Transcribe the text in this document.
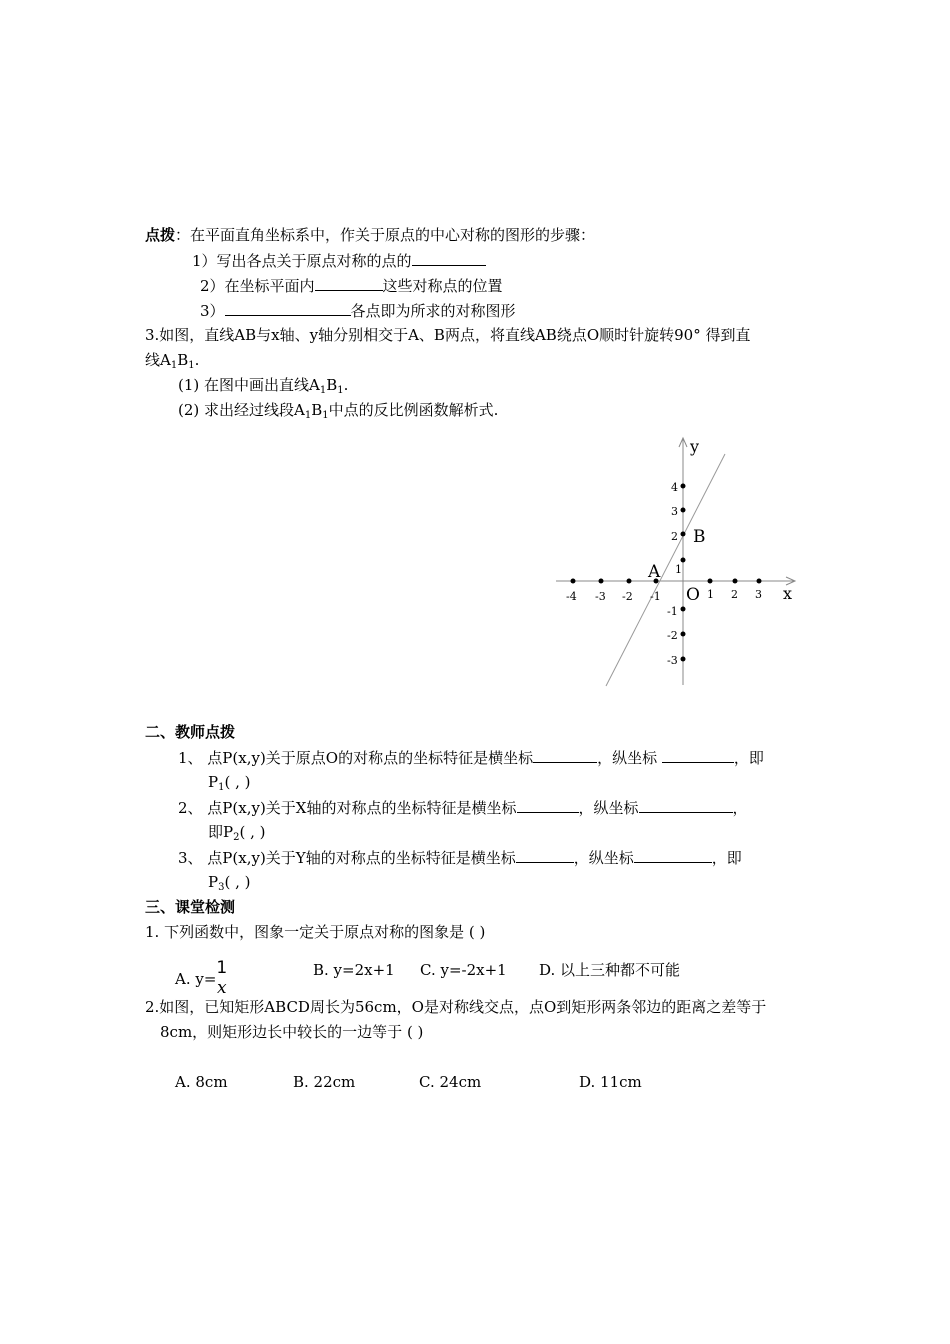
点拨：在平面直角坐标系中，作关于原点的中心对称的图形的步骤：
1）写出各点关于原点对称的点的
2）在坐标平面内	这些对称点的位置
3）	各点即为所求的对称图形
3.如图，直线AB与x轴、y轴分别相交于A、B两点，将直线AB绕点O顺时针旋转90° 得到直
线$A_1B_1$.
(1) 在图中画出直线$A_1B_1$.
(2) 求出经过线段$A_1B_1$中点的反比例函数解析式.
y
x
O
A
B
-4 -3 -2 -1	1 2 3
4
3
2
1
-1
-2
-3
二、教师点拨
1、 点P(x,y)关于原点O的对称点的坐标特征是横坐标	，纵坐标	，即
$P_1$( , )
2、 点P(x,y)关于X轴的对称点的坐标特征是横坐标	，纵坐标	，
即$P_2$( , )
3、 点P(x,y)关于Y轴的对称点的坐标特征是横坐标	，纵坐标	，即
$P_3$( , )
三、课堂检测
1. 下列函数中，图象一定关于原点对称的图象是 ( )
A. y=
1
x
B. y=2x+1 C. y=-2x+1 D. 以上三种都不可能
2.如图，已知矩形ABCD周长为56cm，O是对称线交点，点O到矩形两条邻边的距离之差等于
8cm，则矩形边长中较长的一边等于 ( )
A. 8cm	B. 22cm	C. 24cm	D. 11cm
